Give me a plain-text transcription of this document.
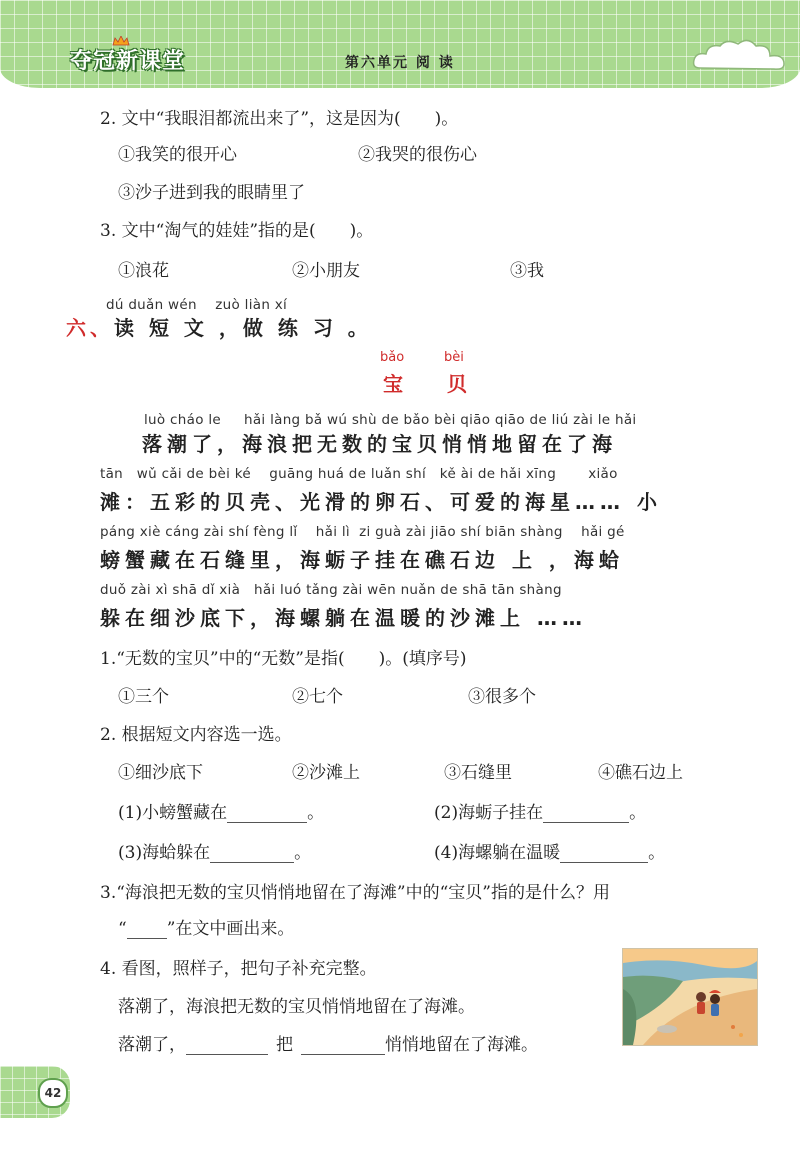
夺冠新课堂	第六单元 阅 读
2. 文中“我眼泪都流出来了”，这是因为(　　)。
①我笑的很开心	②我哭的很伤心
③沙子进到我的眼睛里了
3. 文中“淘气的娃娃”指的是(　　)。
①浪花	②小朋友	③我
dú duǎn wén　 zuò liàn xí
六、读 短 文 ，做 练 习 。
bǎo	bèi
宝 贝
luò cháo le　  hǎi làng bǎ wú shù de bǎo bèi qiāo qiāo de liú zài le hǎi
落潮了，海浪把无数的宝贝悄悄地留在了海
tān   wǔ cǎi de bèi ké    guāng huá de luǎn shí   kě ài de hǎi xīng       xiǎo
滩：五彩的贝壳、光滑的卵石、可爱的海星…… 小
páng xiè cáng zài shí fèng lǐ    hǎi lì  zi guà zài jiāo shí biān shàng    hǎi gé
螃蟹藏在石缝里，海蛎子挂在礁石边 上 ，海蛤
duǒ zài xì shā dǐ xià   hǎi luó tǎng zài wēn nuǎn de shā tān shàng
躲在细沙底下，海螺躺在温暖的沙滩上 ……
1.“无数的宝贝”中的“无数”是指(　　)。(填序号)
①三个	②七个	③很多个
2. 根据短文内容选一选。
①细沙底下	②沙滩上	③石缝里	④礁石边上
(1)小螃蟹藏在	。	(2)海蛎子挂在	。
(3)海蛤躲在	。	(4)海螺躺在温暖	。
3.“海浪把无数的宝贝悄悄地留在了海滩”中的“宝贝”指的是什么？用
“ ”在文中画出来。
4. 看图，照样子，把句子补充完整。
落潮了，海浪把无数的宝贝悄悄地留在了海滩。
落潮了，	把	悄悄地留在了海滩。
42
